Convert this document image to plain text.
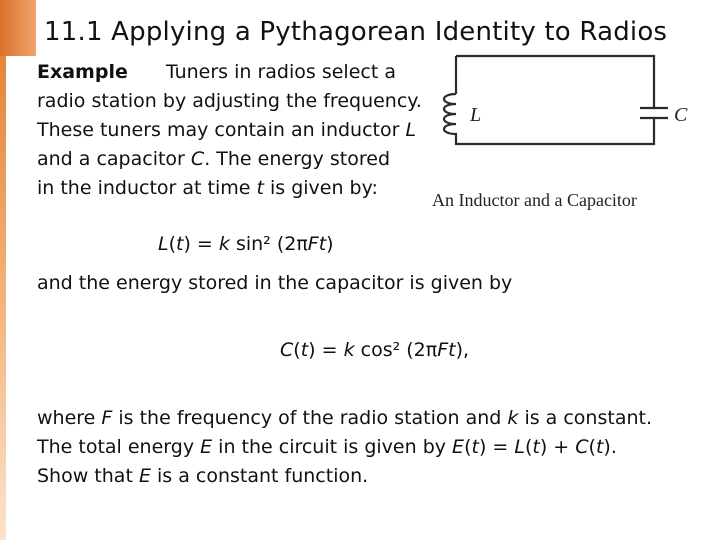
11.1 Applying a Pythagorean Identity to Radios
Example Tuners in radios select a
radio station by adjusting the frequency.
These tuners may contain an inductor L
and a capacitor C. The energy stored
in the inductor at time t is given by:
L(t) = k sin² (2πFt)
and the energy stored in the capacitor is given by
C(t) = k cos² (2πFt),
where F is the frequency of the radio station and k is a constant.
The total energy E in the circuit is given by E(t) = L(t) + C(t).
Show that E is a constant function.
L	C
An Inductor and a Capacitor
